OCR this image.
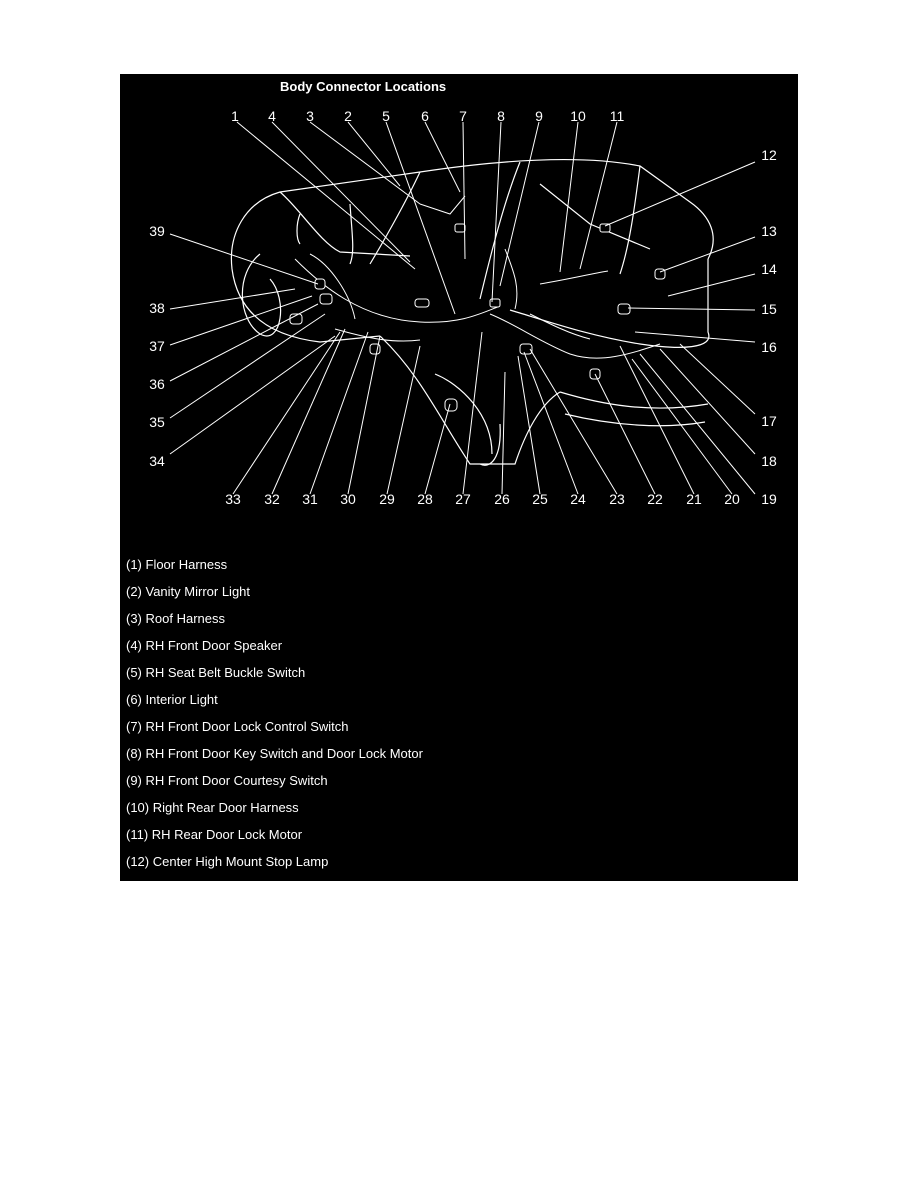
Body Connector Locations
1 4 3 2 5 6 7 8 9 10 11
12
13
14
15
16
17
18
19
20
21
22
23
24
25
26
27
28
29
30
31
32
33
34
35
36
37
38
39
(1) Floor Harness
(2) Vanity Mirror Light
(3) Roof Harness
(4) RH Front Door Speaker
(5) RH Seat Belt Buckle Switch
(6) Interior Light
(7) RH Front Door Lock Control Switch
(8) RH Front Door Key Switch and Door Lock Motor
(9) RH Front Door Courtesy Switch
(10) Right Rear Door Harness
(11) RH Rear Door Lock Motor
(12) Center High Mount Stop Lamp
